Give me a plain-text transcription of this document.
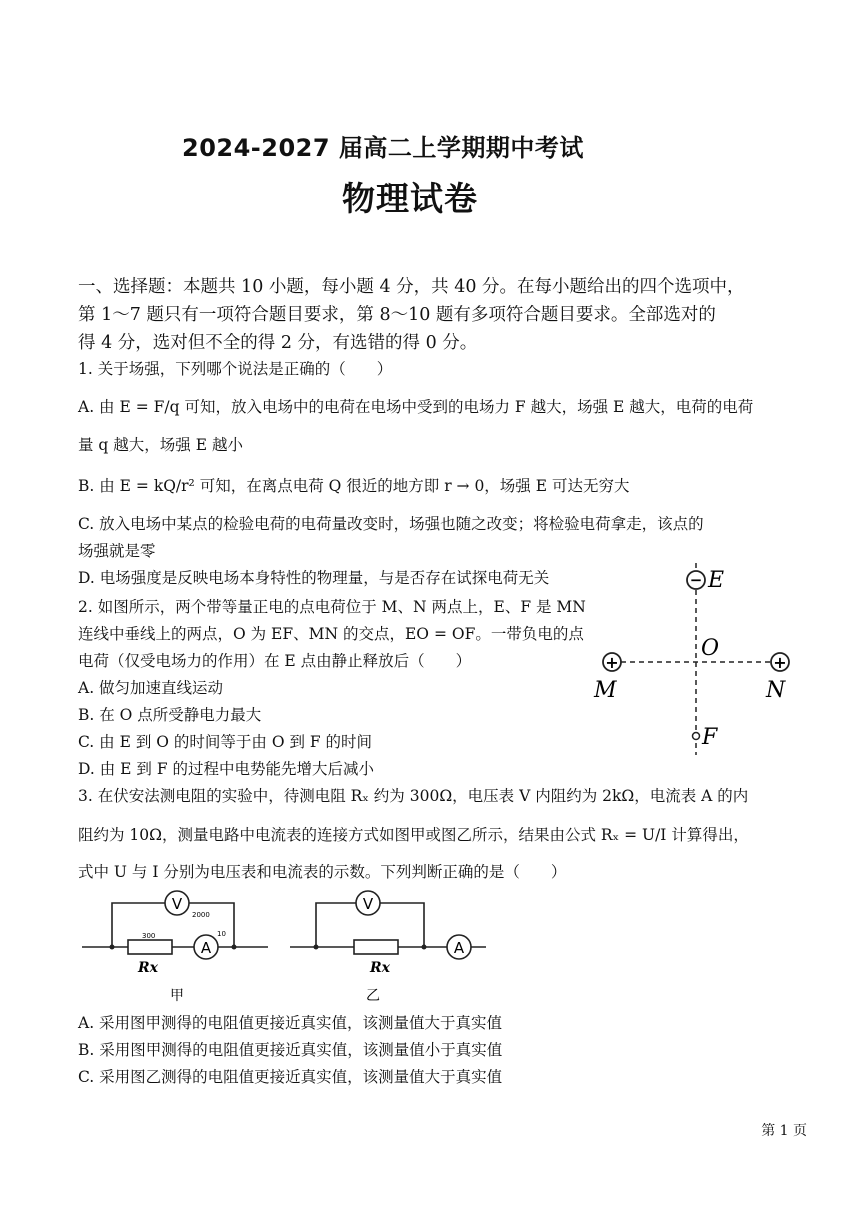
2024-2027 届高二上学期期中考试
物理试卷
一、选择题：本题共 10 小题，每小题 4 分，共 40 分。在每小题给出的四个选项中，
第 1～7 题只有一项符合题目要求，第 8～10 题有多项符合题目要求。全部选对的
得 4 分，选对但不全的得 2 分，有选错的得 0 分。
1. 关于场强，下列哪个说法是正确的（　　）
A. 由 E = F/q 可知，放入电场中的电荷在电场中受到的电场力 F 越大，场强 E 越大，电荷的电荷
量 q 越大，场强 E 越小
B. 由 E = kQ/r² 可知，在离点电荷 Q 很近的地方即 r → 0，场强 E 可达无穷大
C. 放入电场中某点的检验电荷的电荷量改变时，场强也随之改变；将检验电荷拿走，该点的
场强就是零
D. 电场强度是反映电场本身特性的物理量，与是否存在试探电荷无关
2. 如图所示，两个带等量正电的点电荷位于 M、N 两点上，E、F 是 MN
连线中垂线上的两点，O 为 EF、MN 的交点，EO = OF。一带负电的点
电荷（仅受电场力的作用）在 E 点由静止释放后（　　）
A. 做匀加速直线运动
B. 在 O 点所受静电力最大
C. 由 E 到 O 的时间等于由 O 到 F 的时间
D. 由 E 到 F 的过程中电势能先增大后减小
− E
O
+	+
M	N
F
3. 在伏安法测电阻的实验中，待测电阻 Rₓ 约为 300Ω，电压表 V 内阻约为 2kΩ，电流表 A 的内
阻约为 10Ω，测量电路中电流表的连接方式如图甲或图乙所示，结果由公式 Rₓ = U/I 计算得出，
式中 U 与 I 分别为电压表和电流表的示数。下列判断正确的是（　　）
V
2000
300
Rx
A
10
甲
V
Rx
A
乙
A. 采用图甲测得的电阻值更接近真实值，该测量值大于真实值
B. 采用图甲测得的电阻值更接近真实值，该测量值小于真实值
C. 采用图乙测得的电阻值更接近真实值，该测量值大于真实值
第 1 页
